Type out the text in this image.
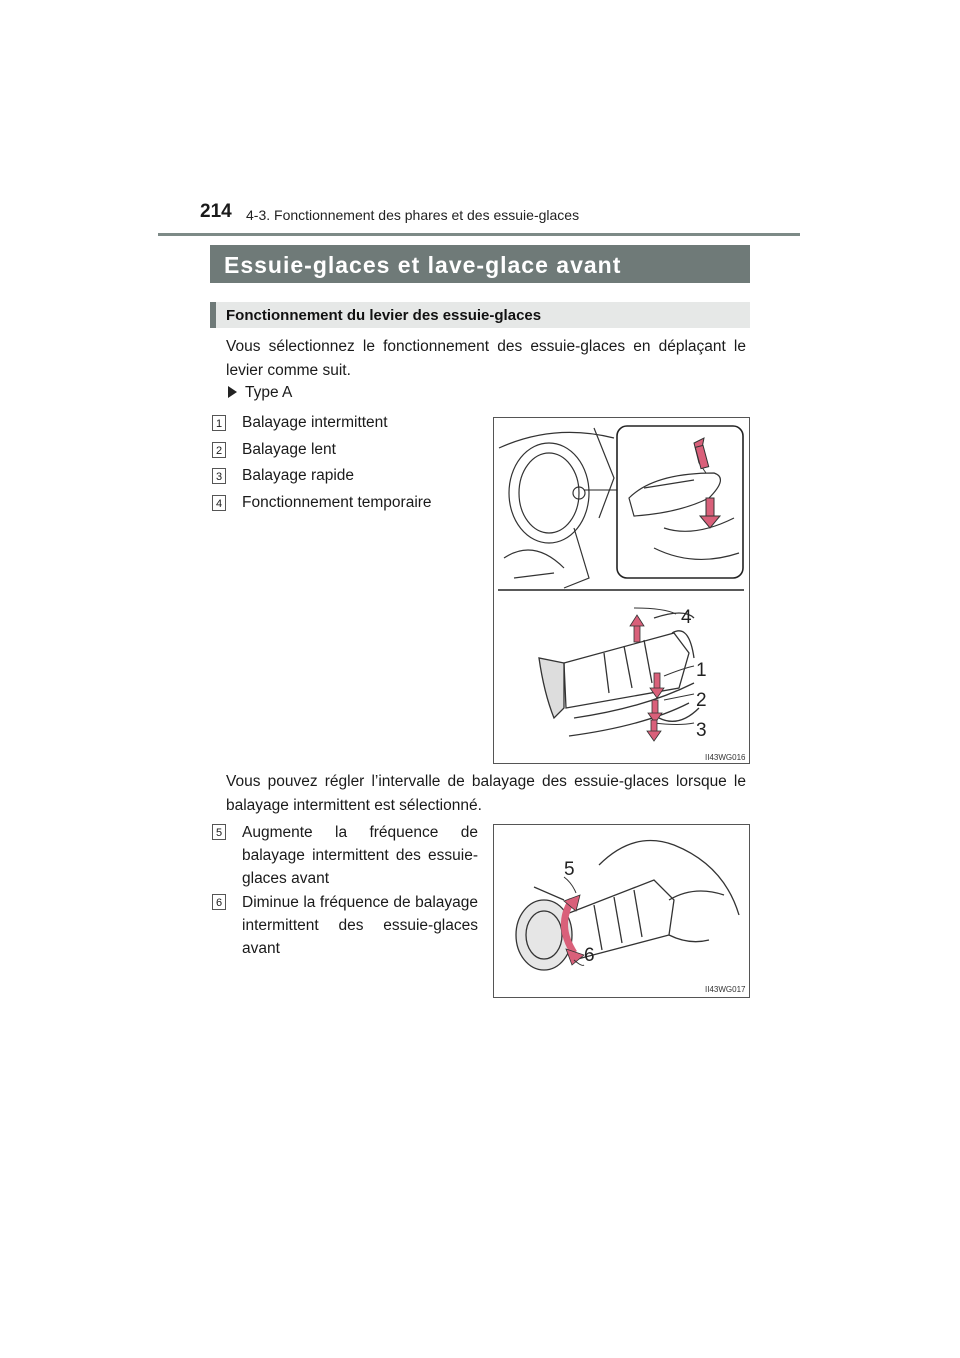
214 4-3. Fonctionnement des phares et des essuie-glaces
Essuie-glaces et lave-glace avant
Fonctionnement du levier des essuie-glaces
Vous sélectionnez le fonctionnement des essuie-glaces en déplaçant le levier comme suit.
Type A
1 Balayage intermittent
2 Balayage lent
3 Balayage rapide
4 Fonctionnement temporaire
4
1
2
3
II43WG016
Vous pouvez régler l’intervalle de balayage des essuie-glaces lorsque le balayage intermittent est sélectionné.
5 Augmente la fréquence de balayage intermittent des essuie-glaces avant
6 Diminue la fréquence de balayage intermittent des essuie-glaces avant
5
6
II43WG017
